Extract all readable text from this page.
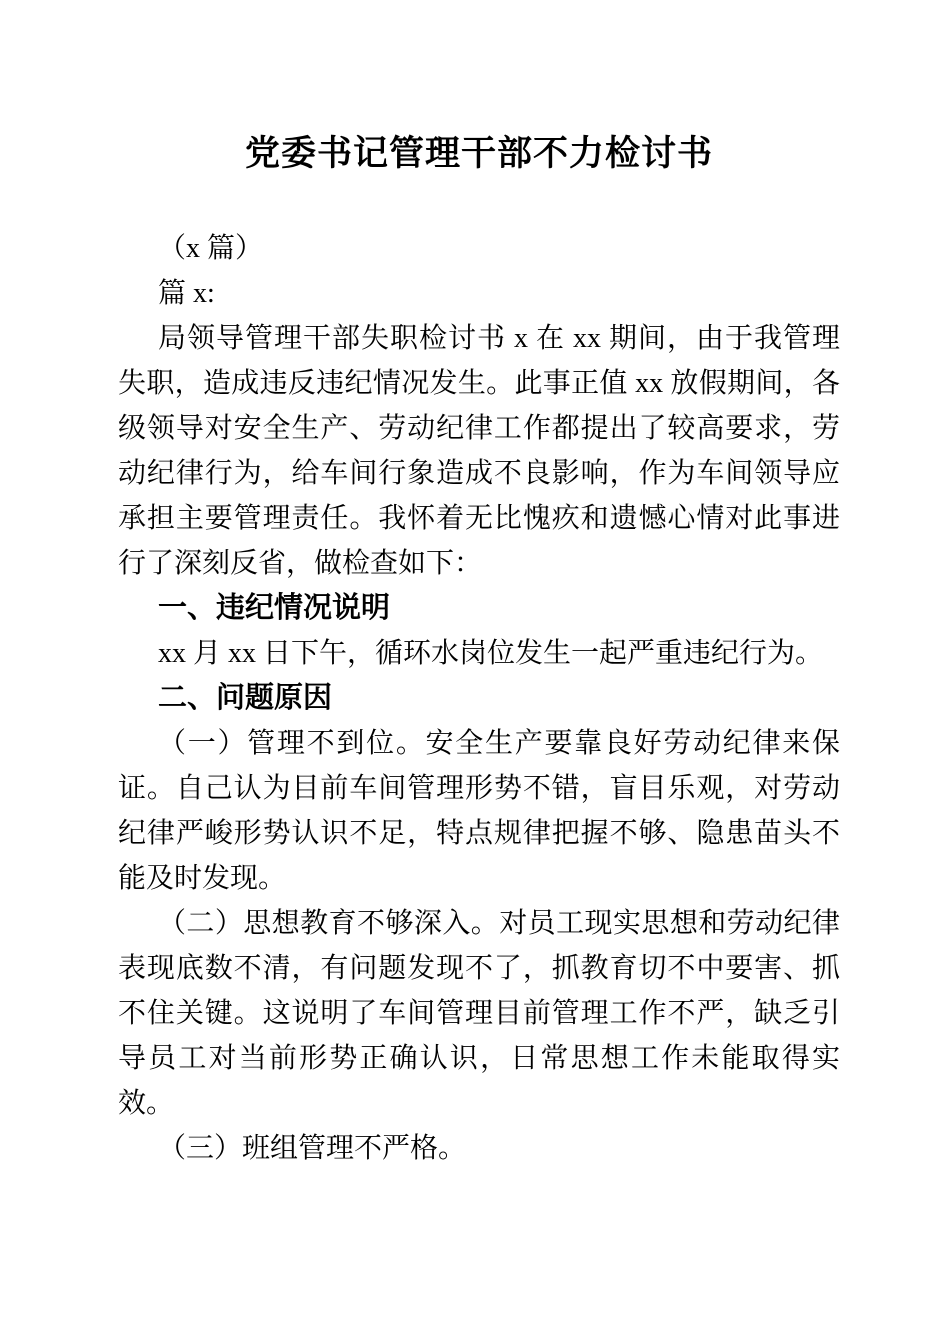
党委书记管理干部不力检讨书
（x 篇）
篇 x:

局领导管理干部失职检讨书 x 在 xx 期间，由于我管理失职，造成违反违纪情况发生。此事正值 xx 放假期间，各级领导对安全生产、劳动纪律工作都提出了较高要求，劳动纪律行为，给车间行象造成不良影响，作为车间领导应承担主要管理责任。我怀着无比愧疚和遗憾心情对此事进行了深刻反省，做检查如下：

一、违纪情况说明

xx 月 xx 日下午，循环水岗位发生一起严重违纪行为。

二、问题原因

（一）管理不到位。安全生产要靠良好劳动纪律来保证。自己认为目前车间管理形势不错，盲目乐观，对劳动纪律严峻形势认识不足，特点规律把握不够、隐患苗头不能及时发现。

（二）思想教育不够深入。对员工现实思想和劳动纪律表现底数不清，有问题发现不了，抓教育切不中要害、抓不住关键。这说明了车间管理目前管理工作不严，缺乏引导员工对当前形势正确认识，日常思想工作未能取得实效。

（三）班组管理不严格。
